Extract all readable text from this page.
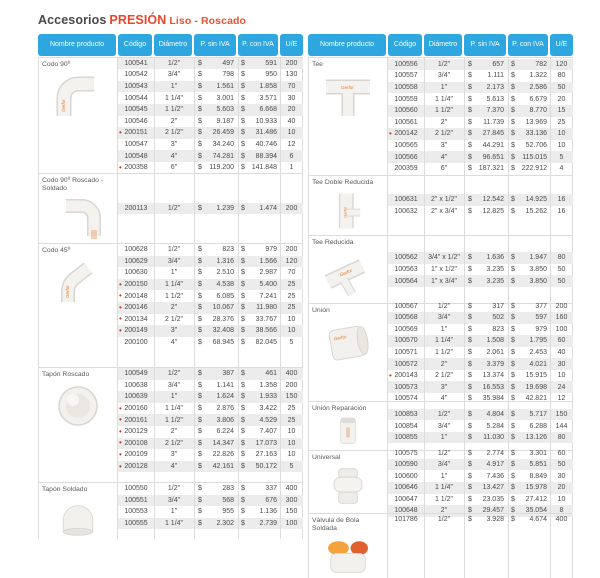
Accesorios PRESIÓN Liso - Roscado
Nombre producto	Código	Diámetro	P. sin IVA	P. con IVA	U/E
Codo 90º
Gerfor
100541	1/2"	$	497 $	591 200
100542	3/4"	$	798 $	950 130
100543	1"	$ 1.561 $ 1.858 70
100544 1 1/4" $ 3.001 $ 3.571 30
100545 1 1/2" $ 5.603 $ 6.668 20
100546	2"	$ 9.187 $ 10.933 40
• 200151 2 1/2" $ 26.459 $ 31.486 10
100547	3"	$ 34.240 $ 40.746 12
100548	4"	$ 74.281 $ 88.394 6
• 200358	6"	$ 119.200 $ 141.848 1
Codo 90º Roscado - Soldado
200113	1/2"	$ 1.239 $ 1.474 200
Codo 45º
Gerfor
100628	1/2"	$	823 $	979 200
100629	3/4"	$ 1.316 $ 1.566 120
100630	1"	$ 2.510 $ 2.987 70
• 200150 1 1/4" $ 4.538 $ 5.400 25
• 200148 1 1/2" $ 6.085 $ 7.241 25
• 200146	2"	$ 10.067 $ 11.980 25
• 200134 2 1/2" $ 28.376 $ 33.767 10
• 200149	3"	$ 32.408 $ 38.566 10
200100	4"	$ 68.945 $ 82.045 5
Tapón Roscado	100549	1/2"	$	387 $	461 400
100638	3/4"	$ 1.141 $ 1.358 200
100639	1"	$ 1.624 $ 1.933 150
• 200160 1 1/4" $ 2.876 $ 3.422 25
• 200161 1 1/2" $ 3.806 $ 4.529 25
• 200129	2"	$ 6.224 $ 7.407 10
• 200108 2 1/2" $ 14.347 $ 17.073 10
• 200109	3"	$ 22.826 $ 27.163 10
• 200128	4"	$ 42.161 $ 50.172 5
Tapón Soldado	100550	1/2"	$	283 $	337 400
100551	3/4"	$	568 $	676 300
100553	1"	$	955 $ 1.136 150
100555 1 1/4" $ 2.302 $ 2.739 100
Nombre producto	Código	Diámetro	P. sin IVA	P. con IVA	U/E
Tee
Gerfor
100556	1/2"	$	657 $	782 120
100557	3/4"	$ 1.111 $ 1.322 80
100558	1"	$ 2.173 $ 2.586 50
100559 1 1/4" $ 5.613 $ 6.679 20
100560 1 1/2" $ 7.370 $ 8.770 15
100561	2"	$ 11.739 $ 13.969 25
• 200142 2 1/2" $ 27.845 $ 33.136 10
100565	3"	$ 44.291 $ 52.706 10
100566	4"	$ 96.651 $ 115.015 5
200359	6"	$ 187.321 $ 222.912 4
Tee Doble Reducida
Gerfor
100631 2" x 1/2" $ 12.542 $ 14.925 16
100632 2" x 3/4" $ 12.825 $ 15.262 16
Tee Reducida
Gerfor
100562 3/4" x 1/2" $ 1.636 $ 1.947 80
100563 1" x 1/2" $ 3.235 $ 3.850 50
100564 1" x 3/4" $ 3.235 $ 3.850 50
Unión
Gerfor
100567	1/2"	$	317 $	377 200
100568	3/4"	$	502 $	597 160
100569	1"	$	823 $	979 100
100570 1 1/4" $ 1.508 $ 1.795 60
100571 1 1/2" $ 2.061 $ 2.453 40
100572	2"	$ 3.379 $ 4.021 30
• 200143 2 1/2" $ 13.374 $ 15.915 10
100573	3"	$ 16.553 $ 19.698 24
100574	4"	$ 35.984 $ 42.821 12
Unión Reparación
100853	1/2"	$ 4.804 $ 5.717 150
100854	3/4"	$ 5.284 $ 6.288 144
100855	1"	$ 11.030 $ 13.126 80
Universal
100575	1/2"	$ 2.774 $ 3.301 60
100590	3/4"	$ 4.917 $ 5.851 50
100600	1"	$ 7.436 $ 8.849 30
100646 1 1/4" $ 13.427 $ 15.978 20
100647 1 1/2" $ 23.035 $ 27.412 10
100648	2"	$ 29.457 $ 35.054 8
Válvula de Bola Soldada
101786	1/2"	$ 3.928 $ 4.674 400
